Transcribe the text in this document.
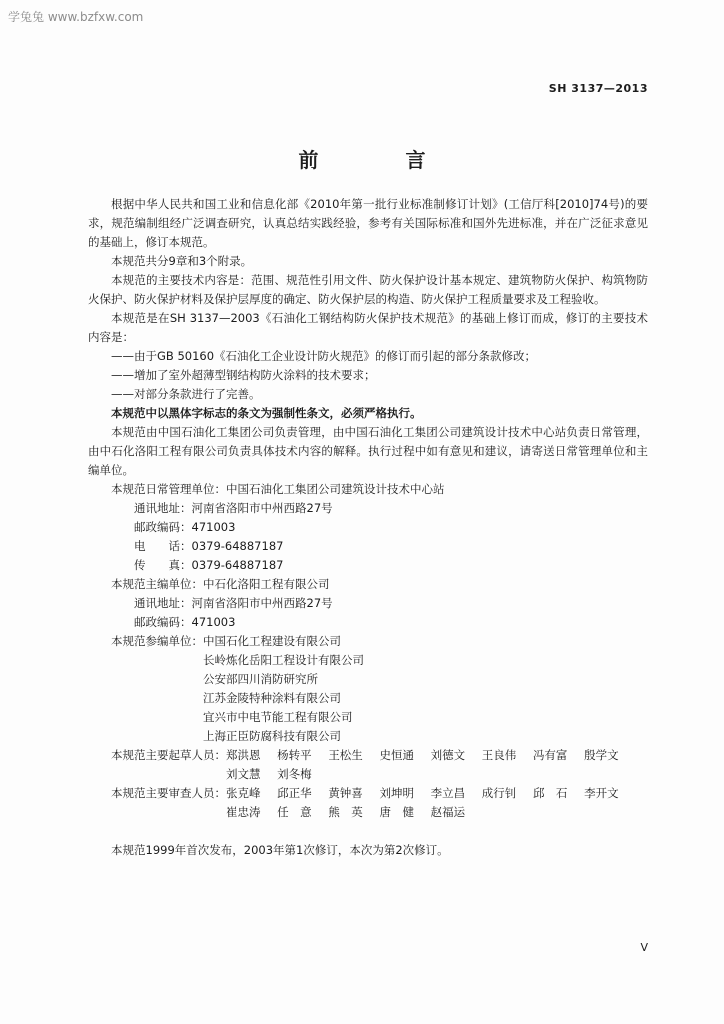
学兔兔 www.bzfxw.com
SH 3137—2013
前 言

根据中华人民共和国工业和信息化部《2010年第一批行业标准制修订计划》(工信厅科[2010]74号)的要求，规范编制组经广泛调查研究，认真总结实践经验，参考有关国际标准和国外先进标准，并在广泛征求意见的基础上，修订本规范。

本规范共分9章和3个附录。

本规范的主要技术内容是：范围、规范性引用文件、防火保护设计基本规定、建筑物防火保护、构筑物防火保护、防火保护材料及保护层厚度的确定、防火保护层的构造、防火保护工程质量要求及工程验收。

本规范是在SH 3137—2003《石油化工钢结构防火保护技术规范》的基础上修订而成，修订的主要技术内容是：

——由于GB 50160《石油化工企业设计防火规范》的修订而引起的部分条款修改；

——增加了室外超薄型钢结构防火涂料的技术要求；

——对部分条款进行了完善。

本规范中以黑体字标志的条文为强制性条文，必须严格执行。

本规范由中国石油化工集团公司负责管理，由中国石油化工集团公司建筑设计技术中心站负责日常管理，由中石化洛阳工程有限公司负责具体技术内容的解释。执行过程中如有意见和建议，请寄送日常管理单位和主编单位。

本规范日常管理单位： 中国石油化工集团公司建筑设计技术中心站
通讯地址： 河南省洛阳市中州西路27号
邮政编码： 471003
电　　话： 0379-64887187
传　　真： 0379-64887187
本规范主编单位： 中石化洛阳工程有限公司
通讯地址： 河南省洛阳市中州西路27号
邮政编码： 471003
本规范参编单位： 中国石化工程建设有限公司
长岭炼化岳阳工程设计有限公司
公安部四川消防研究所
江苏金陵特种涂料有限公司
宜兴市中电节能工程有限公司
上海正臣防腐科技有限公司
本规范主要起草人员： 郑洪恩 杨转平 王松生 史恒通 刘德文 王良伟 冯有富 殷学文 刘文慧 刘冬梅
本规范主要审查人员： 张克峰 邱正华 黄钟喜 刘坤明 李立昌 成行钊 邱　石 李开文 崔忠涛 任　意 熊　英 唐　健 赵福运

本规范1999年首次发布，2003年第1次修订，本次为第2次修订。

V
